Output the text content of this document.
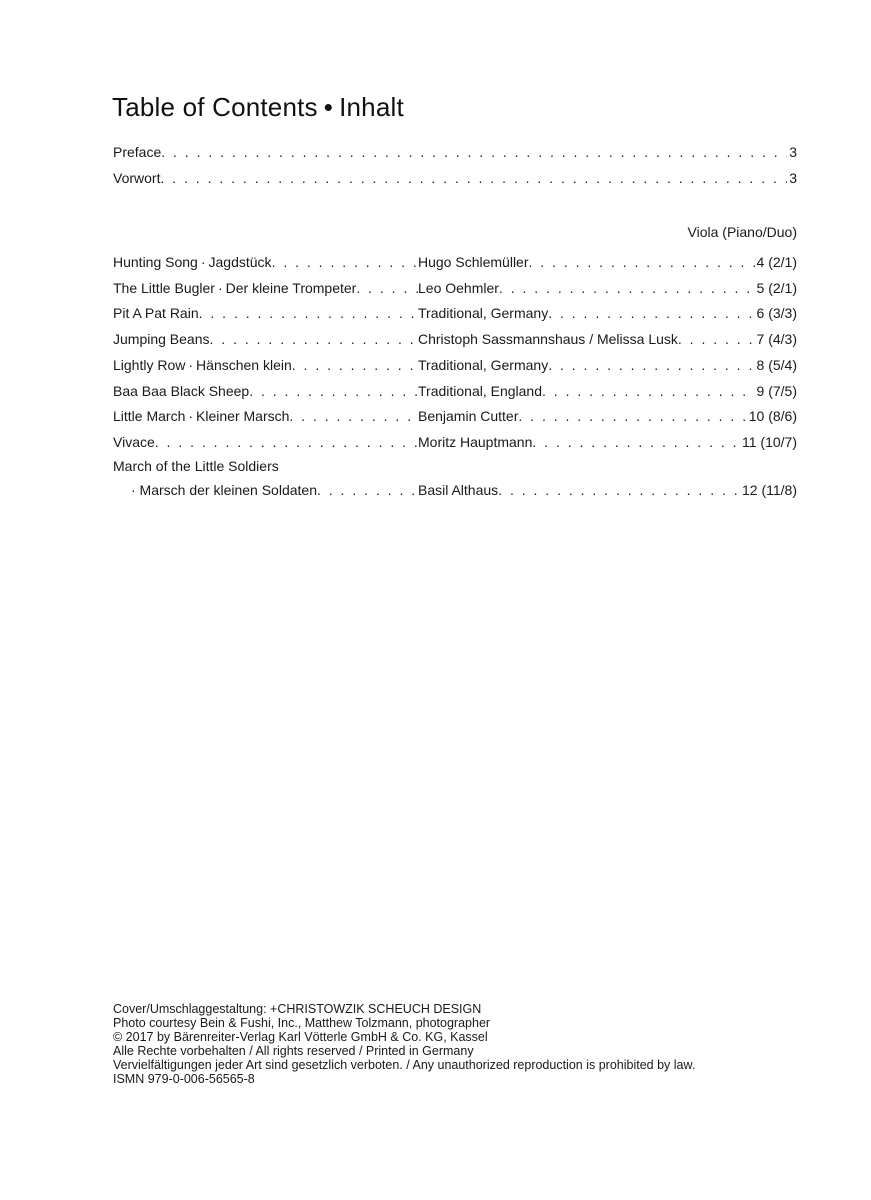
Table of Contents • Inhalt
Preface . . .	3
Vorwort . . .	3
Viola (Piano/Duo)
Hunting Song · Jagdstück . . .	Hugo Schlemüller . . .	4 (2/1)
The Little Bugler · Der kleine Trompeter . . .	Leo Oehmler . . .	5 (2/1)
Pit A Pat Rain . . .	Traditional, Germany . . .	6 (3/3)
Jumping Beans . . .	Christoph Sassmannshaus / Melissa Lusk . . .	7 (4/3)
Lightly Row · Hänschen klein . . .	Traditional, Germany . . .	8 (5/4)
Baa Baa Black Sheep . . .	Traditional, England . . .	9 (7/5)
Little March · Kleiner Marsch . . .	Benjamin Cutter . . .	10 (8/6)
Vivace . . .	Moritz Hauptmann . . .	11 (10/7)
March of the Little Soldiers
· Marsch der kleinen Soldaten . . .	Basil Althaus . . .	12 (11/8)
Cover/Umschlaggestaltung: +CHRISTOWZIK SCHEUCH DESIGN
Photo courtesy Bein & Fushi, Inc., Matthew Tolzmann, photographer
© 2017 by Bärenreiter-Verlag Karl Vötterle GmbH & Co. KG, Kassel
Alle Rechte vorbehalten / All rights reserved / Printed in Germany
Vervielfältigungen jeder Art sind gesetzlich verboten. / Any unauthorized reproduction is prohibited by law.
ISMN 979-0-006-56565-8
